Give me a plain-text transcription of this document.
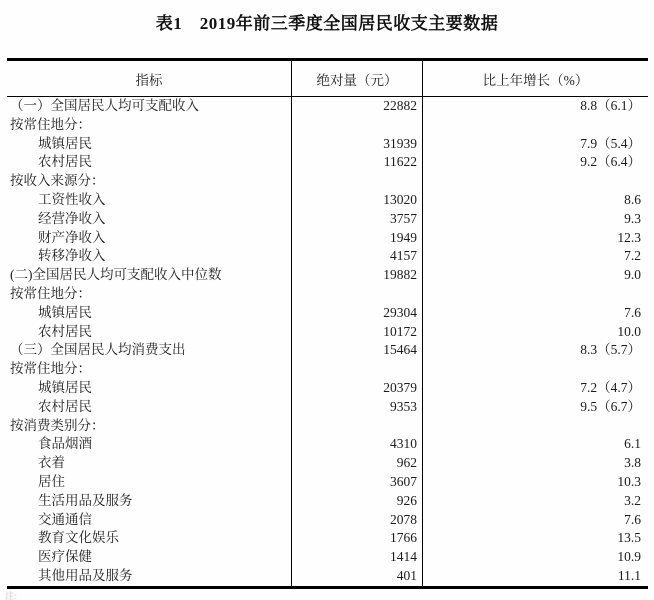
表1　2019年前三季度全国居民收支主要数据
指标	绝对量（元）	比上年增长（%）
（一）全国居民人均可支配收入	22882	8.8（6.1）
按常住地分：
城镇居民	31939	7.9（5.4）
农村居民	11622	9.2（6.4）
按收入来源分：
工资性收入	13020	8.6
经营净收入	3757	9.3
财产净收入	1949	12.3
转移净收入	4157	7.2
(二)全国居民人均可支配收入中位数	19882	9.0
按常住地分：
城镇居民	29304	7.6
农村居民	10172	10.0
（三）全国居民人均消费支出	15464	8.3（5.7）
按常住地分：
城镇居民	20379	7.2（4.7）
农村居民	9353	9.5（6.7）
按消费类别分：
食品烟酒	4310	6.1
衣着	962	3.8
居住	3607	10.3
生活用品及服务	926	3.2
交通通信	2078	7.6
教育文化娱乐	1766	13.5
医疗保健	1414	10.9
其他用品及服务	401	11.1
注:
